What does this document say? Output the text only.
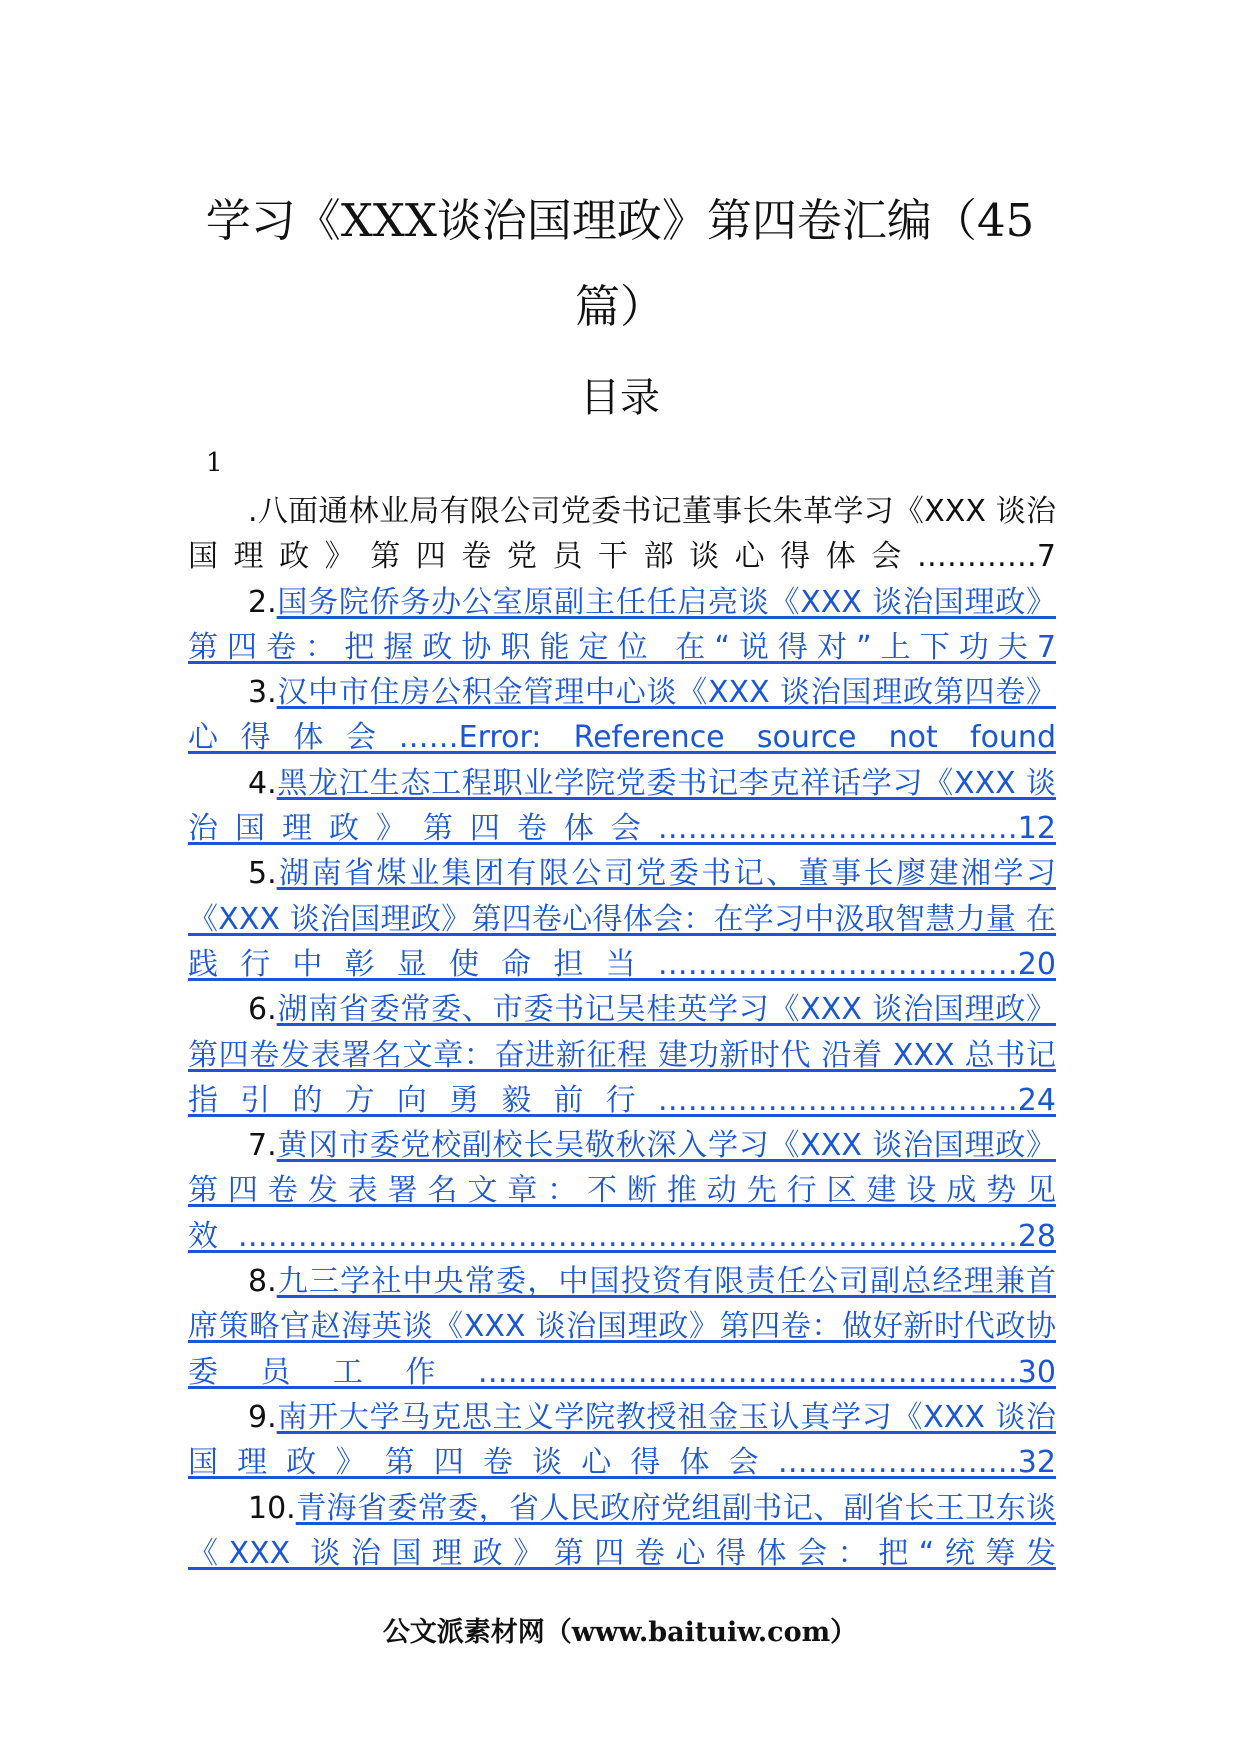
学习《XXX谈治国理政》第四卷汇编（45
篇）
目录
1

.八面通林业局有限公司党委书记董事长朱革学习《XXX 谈治国理政》第四卷党员干部谈心得体会…………7

2.国务院侨务办公室原副主任任启亮谈《XXX 谈治国理政》第四卷：把握政协职能定位 在“说得对”上下功夫7

3.汉中市住房公积金管理中心谈《XXX 谈治国理政第四卷》心得体会……Error: Reference source not found

4.黑龙江生态工程职业学院党委书记李克祥话学习《XXX 谈治国理政》第四卷体会………………………………12

5.湖南省煤业集团有限公司党委书记、董事长廖建湘学习《XXX 谈治国理政》第四卷心得体会：在学习中汲取智慧力量 在践行中彰显使命担当………………………………20

6.湖南省委常委、市委书记吴桂英学习《XXX 谈治国理政》第四卷发表署名文章：奋进新征程 建功新时代 沿着 XXX 总书记指引的方向勇毅前行………………………………24

7.黄冈市委党校副校长吴敬秋深入学习《XXX 谈治国理政》第四卷发表署名文章：不断推动先行区建设成势见效……………………………………………………………………28

8.九三学社中央常委，中国投资有限责任公司副总经理兼首席策略官赵海英谈《XXX 谈治国理政》第四卷：做好新时代政协委员工作………………………………………………30

9.南开大学马克思主义学院教授祖金玉认真学习《XXX 谈治国理政》第四卷谈心得体会……………………32

10.青海省委常委，省人民政府党组副书记、副省长王卫东谈《XXX 谈治国理政》第四卷心得体会：把“统筹发

公文派素材网（www.baituiw.com）
